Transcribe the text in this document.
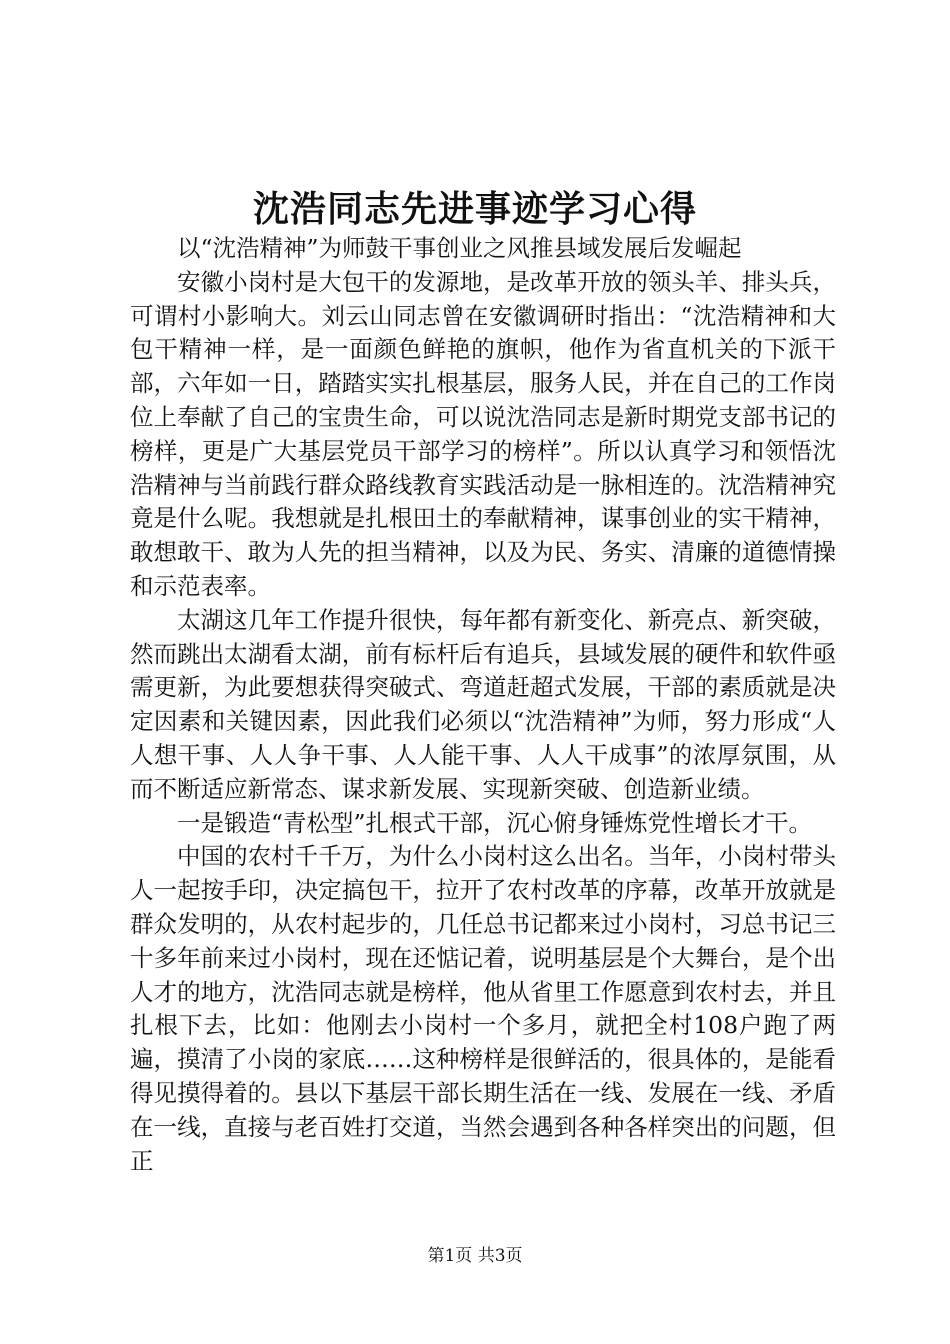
沈浩同志先进事迹学习心得

以“沈浩精神”为师鼓干事创业之风推县域发展后发崛起

安徽小岗村是大包干的发源地，是改革开放的领头羊、排头兵，可谓村小影响大。刘云山同志曾在安徽调研时指出：“沈浩精神和大包干精神一样，是一面颜色鲜艳的旗帜，他作为省直机关的下派干部，六年如一日，踏踏实实扎根基层，服务人民，并在自己的工作岗位上奉献了自己的宝贵生命，可以说沈浩同志是新时期党支部书记的榜样，更是广大基层党员干部学习的榜样”。所以认真学习和领悟沈浩精神与当前践行群众路线教育实践活动是一脉相连的。沈浩精神究竟是什么呢。我想就是扎根田土的奉献精神，谋事创业的实干精神，敢想敢干、敢为人先的担当精神，以及为民、务实、清廉的道德情操和示范表率。

太湖这几年工作提升很快，每年都有新变化、新亮点、新突破，然而跳出太湖看太湖，前有标杆后有追兵，县域发展的硬件和软件亟需更新，为此要想获得突破式、弯道赶超式发展，干部的素质就是决定因素和关键因素，因此我们必须以“沈浩精神”为师，努力形成“人人想干事、人人争干事、人人能干事、人人干成事”的浓厚氛围，从而不断适应新常态、谋求新发展、实现新突破、创造新业绩。

一是锻造“青松型”扎根式干部，沉心俯身锤炼党性增长才干。

中国的农村千千万，为什么小岗村这么出名。当年，小岗村带头人一起按手印，决定搞包干，拉开了农村改革的序幕，改革开放就是群众发明的，从农村起步的，几任总书记都来过小岗村，习总书记三十多年前来过小岗村，现在还惦记着，说明基层是个大舞台，是个出人才的地方，沈浩同志就是榜样，他从省里工作愿意到农村去，并且扎根下去，比如：他刚去小岗村一个多月，就把全村108户跑了两遍，摸清了小岗的家底……这种榜样是很鲜活的，很具体的，是能看得见摸得着的。县以下基层干部长期生活在一线、发展在一线、矛盾在一线，直接与老百姓打交道，当然会遇到各种各样突出的问题，但正

第1页 共3页
